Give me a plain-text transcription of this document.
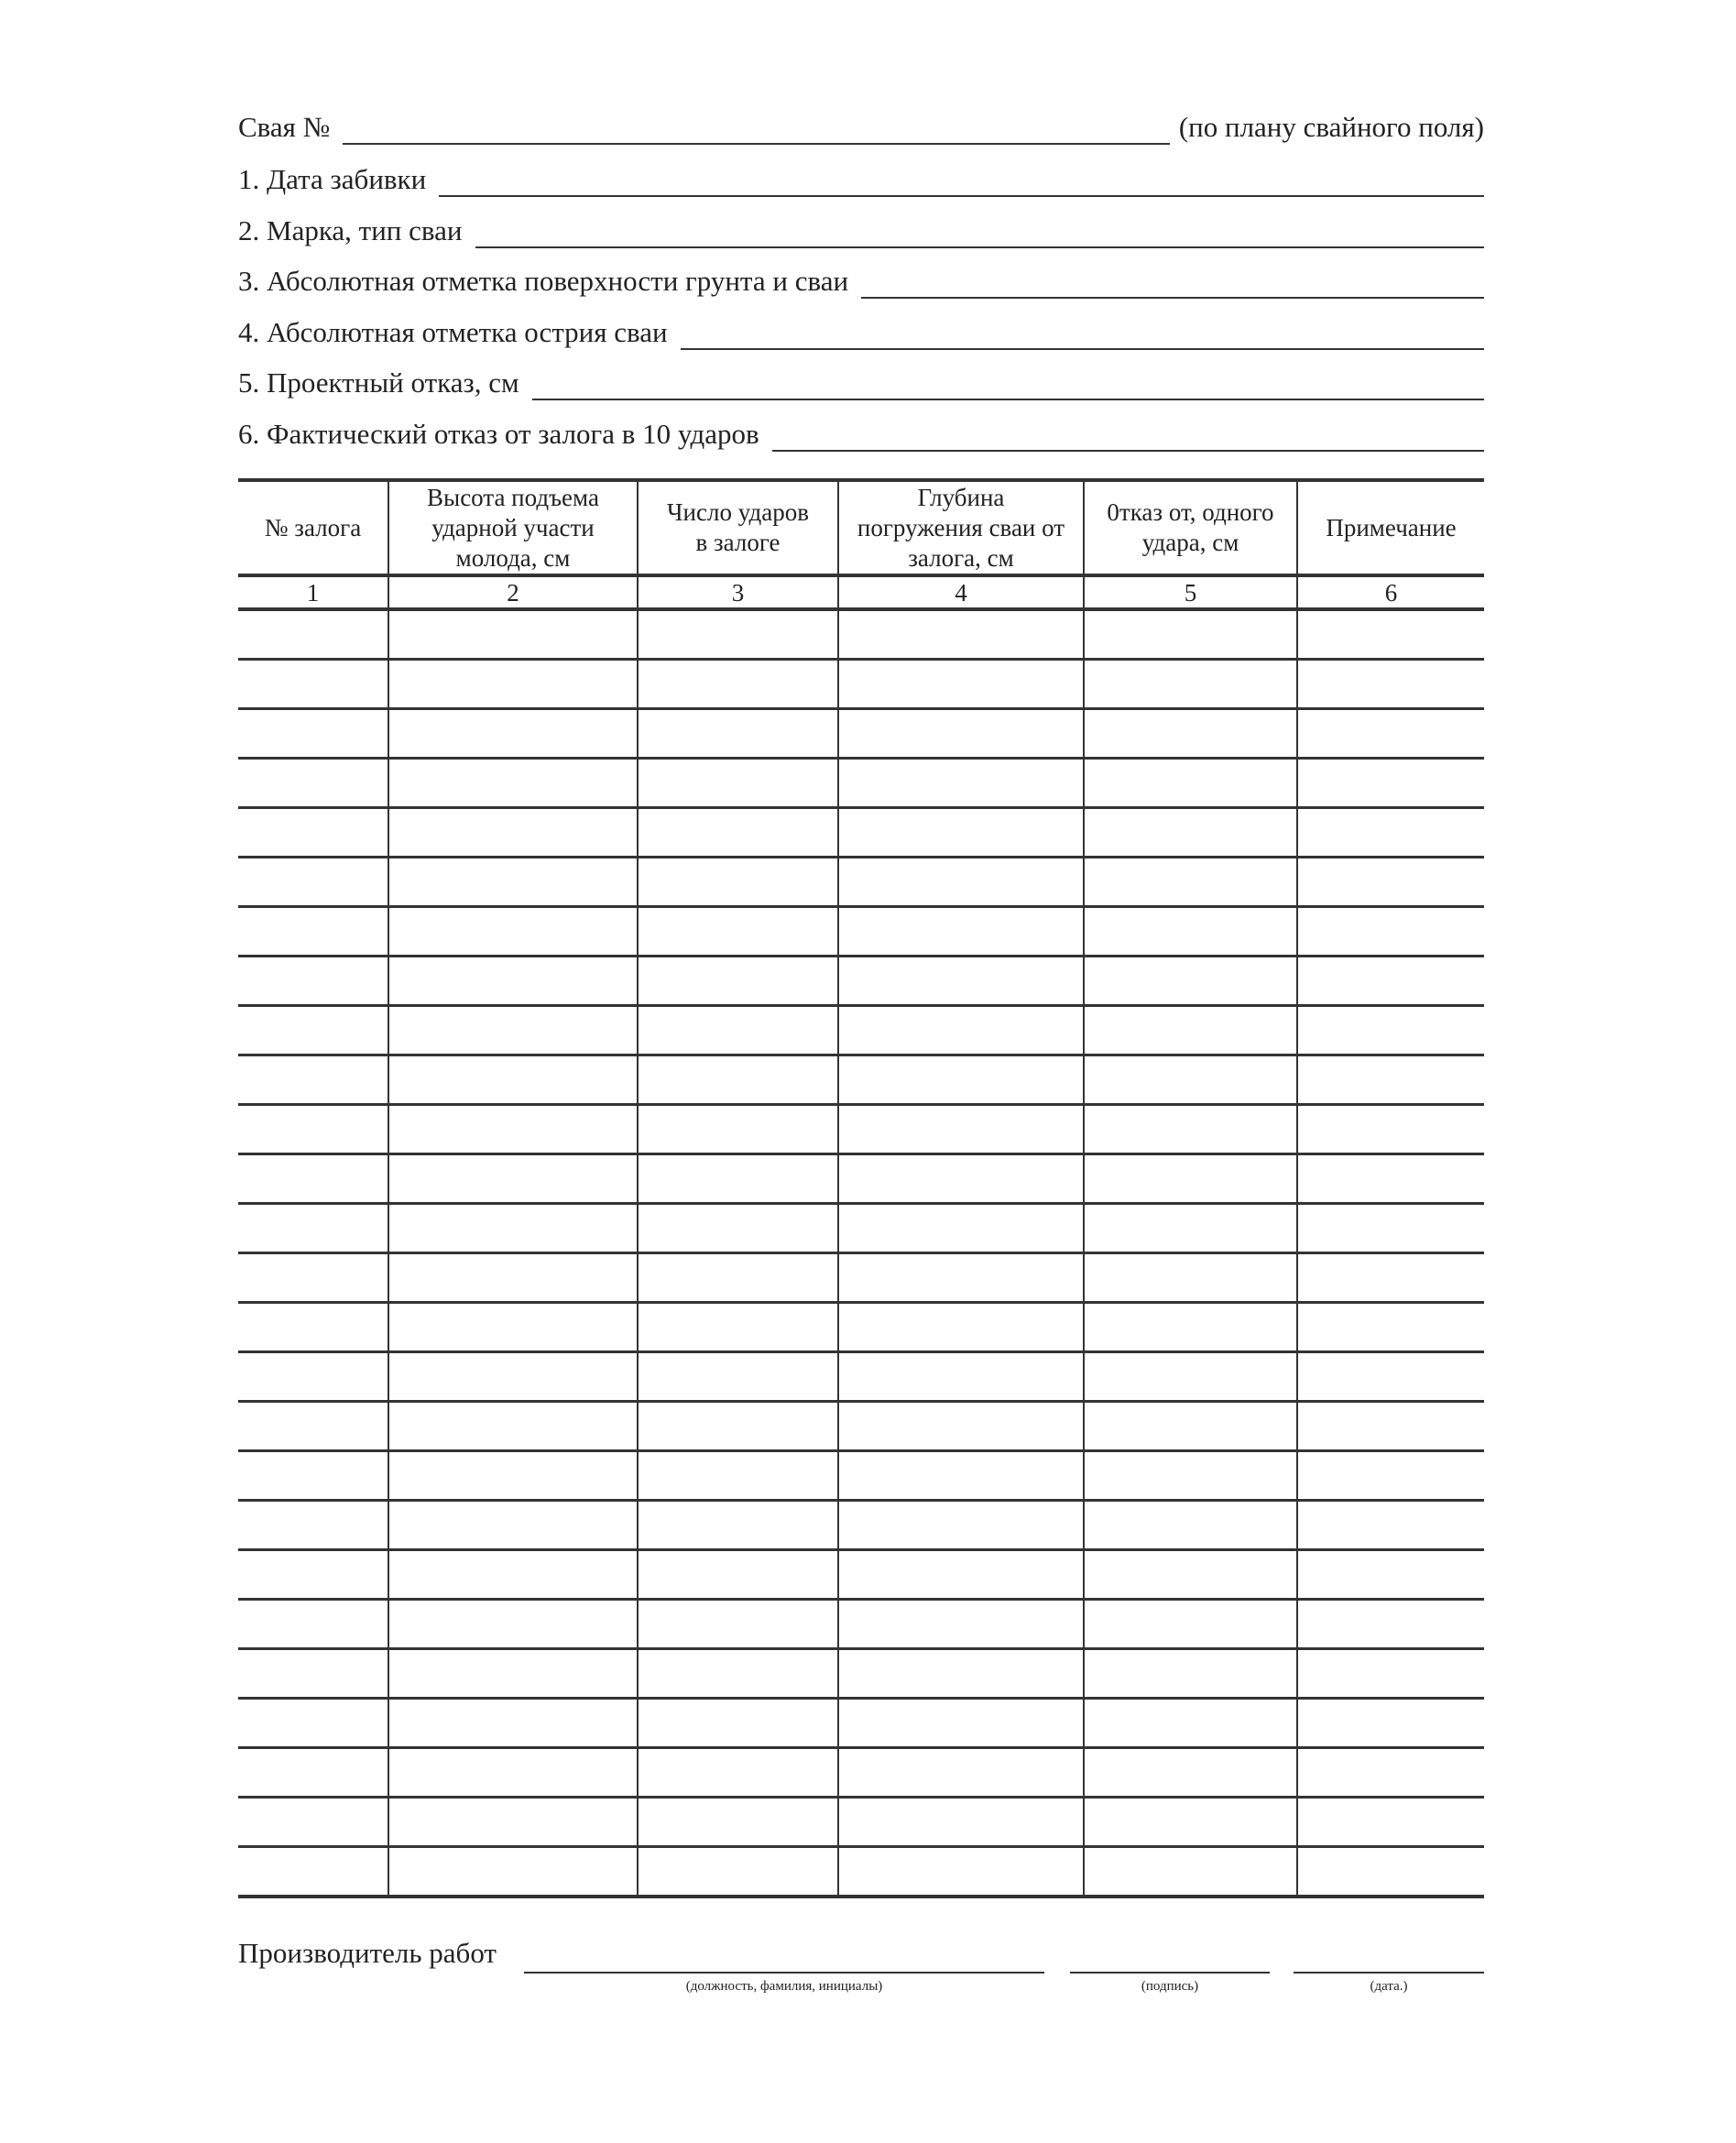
Свая №	(по плану свайного поля)
1. Дата забивки
2. Марка, тип сваи
3. Абсолютная отметка поверхности грунта и сваи
4. Абсолютная отметка острия сваи
5. Проектный отказ, см
6. Фактический отказ от залога в 10 ударов
№ залога	Высота подъема ударной участи молода, см	Число ударов в залоге	Глубина погружения сваи от залога, см	0тказ от, одного удара, см	Примечание
1	2	3	4	5	6

Производитель работ
(должность, фамилия, инициалы)	(подпись)	(дата.)
